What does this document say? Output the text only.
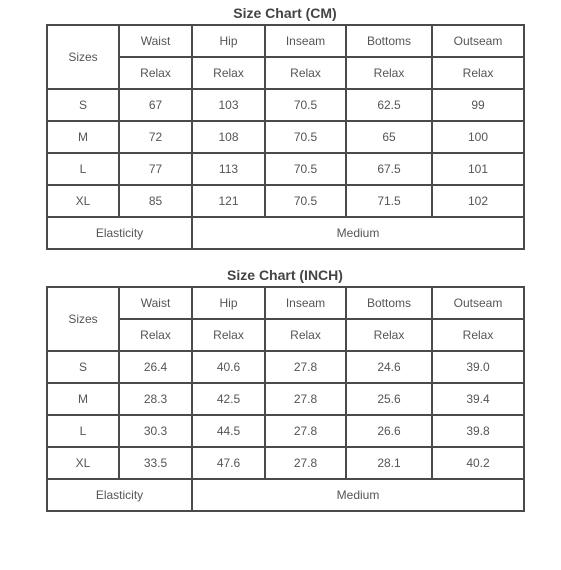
Size Chart (CM)
Sizes	Waist	Hip	Inseam	Bottoms	Outseam
	Relax	Relax	Relax	Relax	Relax
S	67	103	70.5	62.5	99
M	72	108	70.5	65	100
L	77	113	70.5	67.5	101
XL	85	121	70.5	71.5	102
Elasticity		Medium			
Size Chart (INCH)
Sizes	Waist	Hip	Inseam	Bottoms	Outseam
	Relax	Relax	Relax	Relax	Relax
S	26.4	40.6	27.8	24.6	39.0
M	28.3	42.5	27.8	25.6	39.4
L	30.3	44.5	27.8	26.6	39.8
XL	33.5	47.6	27.8	28.1	40.2
Elasticity		Medium			
